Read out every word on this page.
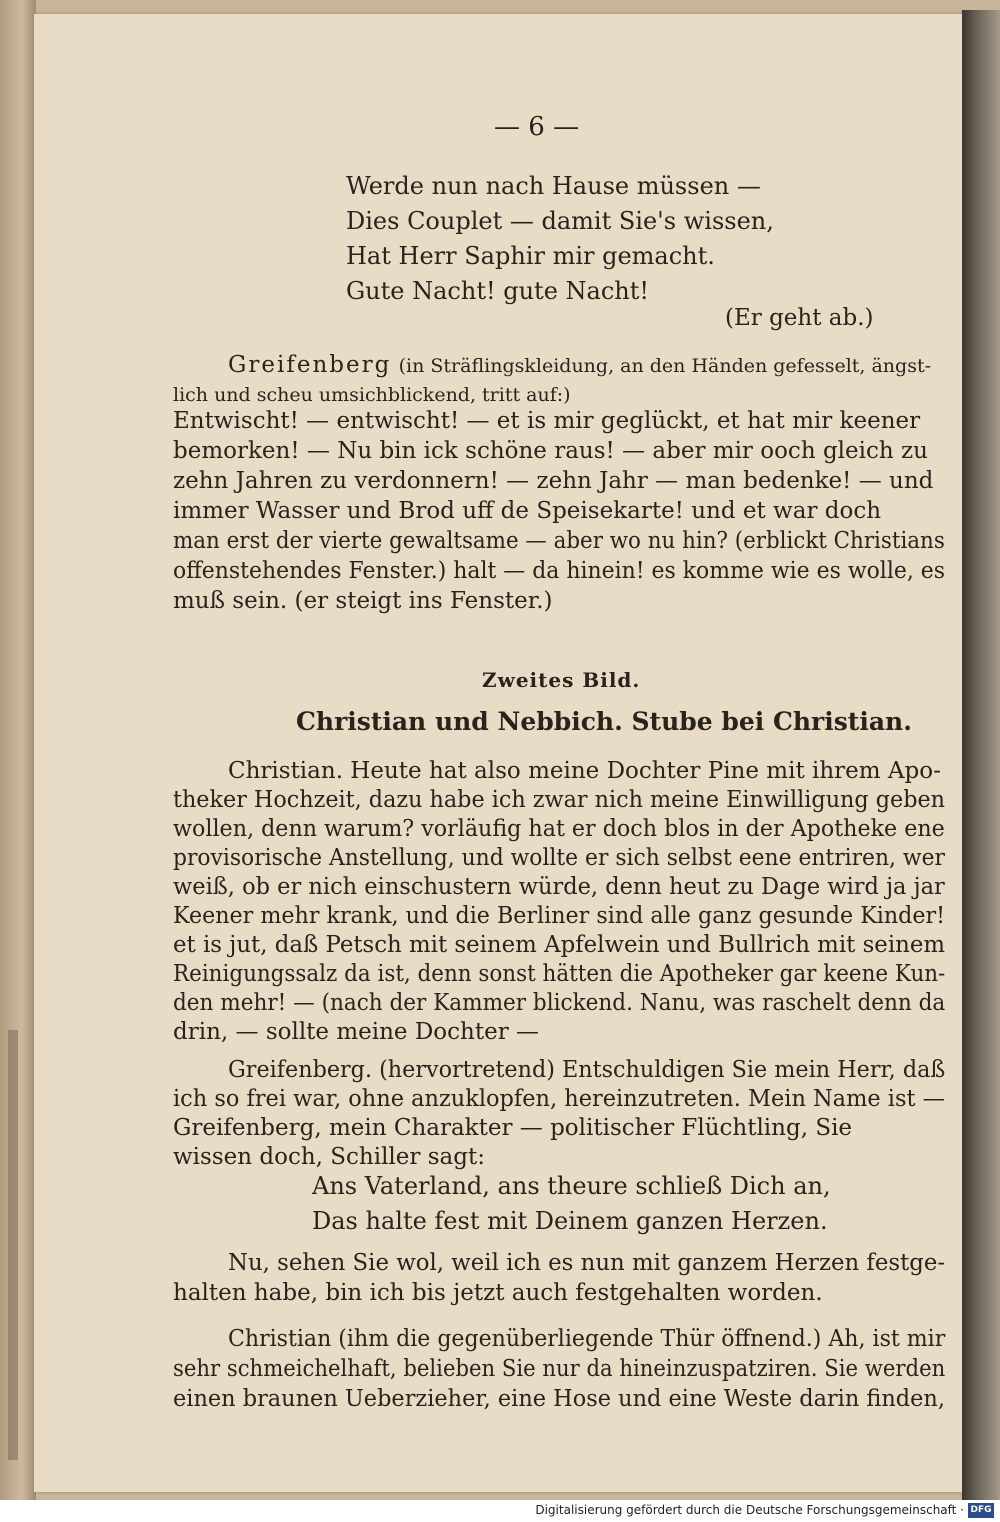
— 6 —
Werde nun nach Hause müssen —
Dies Couplet — damit Sie's wissen,
Hat Herr Saphir mir gemacht.
Gute Nacht! gute Nacht!
(Er geht ab.)
Greifenberg (in Sträflingskleidung, an den Händen gefesselt, ängst-
lich und scheu umsichblickend, tritt auf:)
Entwischt! — entwischt! — et is mir geglückt, et hat mir keener
bemorken! — Nu bin ick schöne raus! — aber mir ooch gleich zu
zehn Jahren zu verdonnern! — zehn Jahr — man bedenke! — und
immer Wasser und Brod uff de Speisekarte! und et war doch
man erst der vierte gewaltsame — aber wo nu hin? (erblickt Christians
offenstehendes Fenster.) halt — da hinein! es komme wie es wolle, es
muß sein. (er steigt ins Fenster.)
Zweites Bild.
Christian und Nebbich. Stube bei Christian.
Christian. Heute hat also meine Dochter Pine mit ihrem Apo-
theker Hochzeit, dazu habe ich zwar nich meine Einwilligung geben
wollen, denn warum? vorläufig hat er doch blos in der Apotheke ene
provisorische Anstellung, und wollte er sich selbst eene entriren, wer
weiß, ob er nich einschustern würde, denn heut zu Dage wird ja jar
Keener mehr krank, und die Berliner sind alle ganz gesunde Kinder!
et is jut, daß Petsch mit seinem Apfelwein und Bullrich mit seinem
Reinigungssalz da ist, denn sonst hätten die Apotheker gar keene Kun-
den mehr! — (nach der Kammer blickend. Nanu, was raschelt denn da
drin, — sollte meine Dochter —
Greifenberg. (hervortretend) Entschuldigen Sie mein Herr, daß
ich so frei war, ohne anzuklopfen, hereinzutreten. Mein Name ist —
Greifenberg, mein Charakter — politischer Flüchtling, Sie
wissen doch, Schiller sagt:
Ans Vaterland, ans theure schließ Dich an,
Das halte fest mit Deinem ganzen Herzen.
Nu, sehen Sie wol, weil ich es nun mit ganzem Herzen festge-
halten habe, bin ich bis jetzt auch festgehalten worden.
Christian (ihm die gegenüberliegende Thür öffnend.) Ah, ist mir
sehr schmeichelhaft, belieben Sie nur da hineinzuspatziren. Sie werden
einen braunen Ueberzieher, eine Hose und eine Weste darin finden,
Digitalisierung gefördert durch die Deutsche Forschungsgemeinschaft · DFG
